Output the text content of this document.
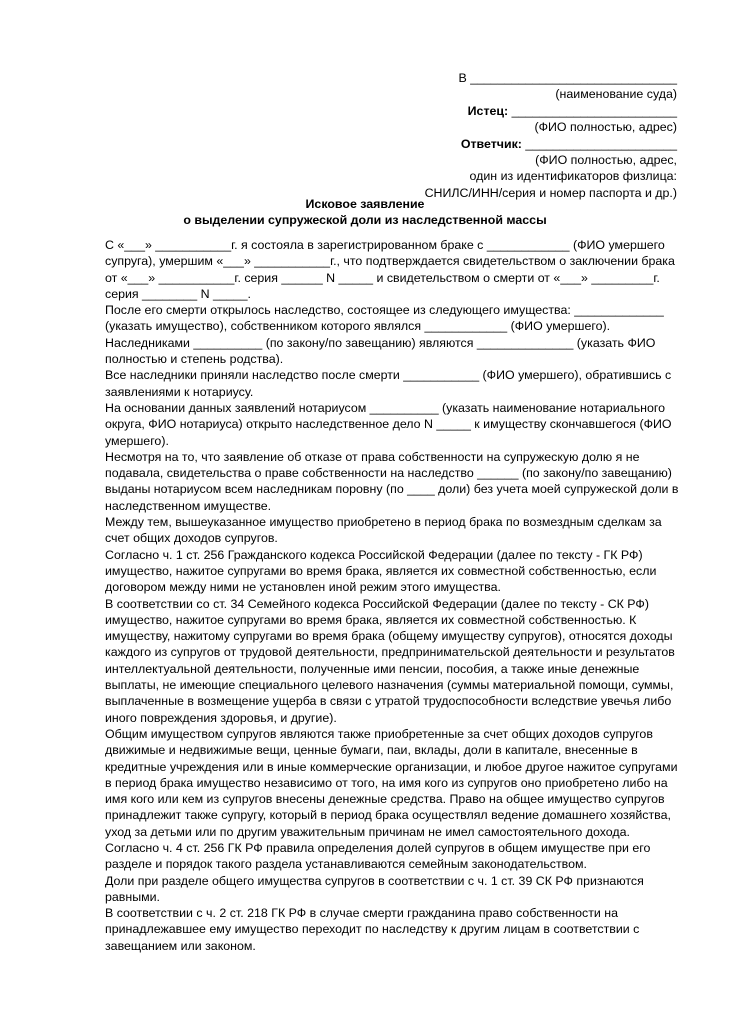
В ______________________________
(наименование суда)
Истец: ________________________
(ФИО полностью, адрес)
Ответчик: ______________________
(ФИО полностью, адрес,
один из идентификаторов физлица:
СНИЛС/ИНН/серия и номер паспорта и др.)
Исковое заявление
о выделении супружеской доли из наследственной массы

С «___» ___________г. я состояла в зарегистрированном браке с ____________ (ФИО умершего супруга), умершим «___» ___________г., что подтверждается свидетельством о заключении брака от «___» ___________г. серия ______ N _____ и свидетельством о смерти от «___» _________г. серия ________ N _____.

После его смерти открылось наследство, состоящее из следующего имущества: _____________ (указать имущество), собственником которого являлся ____________ (ФИО умершего).

Наследниками __________ (по закону/по завещанию) являются ______________ (указать ФИО полностью и степень родства).

Все наследники приняли наследство после смерти ___________ (ФИО умершего), обратившись с заявлениями к нотариусу.

На основании данных заявлений нотариусом __________ (указать наименование нотариального округа, ФИО нотариуса) открыто наследственное дело N _____ к имуществу скончавшегося (ФИО умершего).

Несмотря на то, что заявление об отказе от права собственности на супружескую долю я не подавала, свидетельства о праве собственности на наследство ______ (по закону/по завещанию) выданы нотариусом всем наследникам поровну (по ____ доли) без учета моей супружеской доли в наследственном имуществе.

Между тем, вышеуказанное имущество приобретено в период брака по возмездным сделкам за счет общих доходов супругов.

Согласно ч. 1 ст. 256 Гражданского кодекса Российской Федерации (далее по тексту - ГК РФ) имущество, нажитое супругами во время брака, является их совместной собственностью, если договором между ними не установлен иной режим этого имущества.

В соответствии со ст. 34 Семейного кодекса Российской Федерации (далее по тексту - СК РФ) имущество, нажитое супругами во время брака, является их совместной собственностью. К имуществу, нажитому супругами во время брака (общему имуществу супругов), относятся доходы каждого из супругов от трудовой деятельности, предпринимательской деятельности и результатов интеллектуальной деятельности, полученные ими пенсии, пособия, а также иные денежные выплаты, не имеющие специального целевого назначения (суммы материальной помощи, суммы, выплаченные в возмещение ущерба в связи с утратой трудоспособности вследствие увечья либо иного повреждения здоровья, и другие).

Общим имуществом супругов являются также приобретенные за счет общих доходов супругов движимые и недвижимые вещи, ценные бумаги, паи, вклады, доли в капитале, внесенные в кредитные учреждения или в иные коммерческие организации, и любое другое нажитое супругами в период брака имущество независимо от того, на имя кого из супругов оно приобретено либо на имя кого или кем из супругов внесены денежные средства. Право на общее имущество супругов принадлежит также супругу, который в период брака осуществлял ведение домашнего хозяйства, уход за детьми или по другим уважительным причинам не имел самостоятельного дохода.

Согласно ч. 4 ст. 256 ГК РФ правила определения долей супругов в общем имуществе при его разделе и порядок такого раздела устанавливаются семейным законодательством.

Доли при разделе общего имущества супругов в соответствии с ч. 1 ст. 39 СК РФ признаются равными.

В соответствии с ч. 2 ст. 218 ГК РФ в случае смерти гражданина право собственности на принадлежавшее ему имущество переходит по наследству к другим лицам в соответствии с завещанием или законом.
